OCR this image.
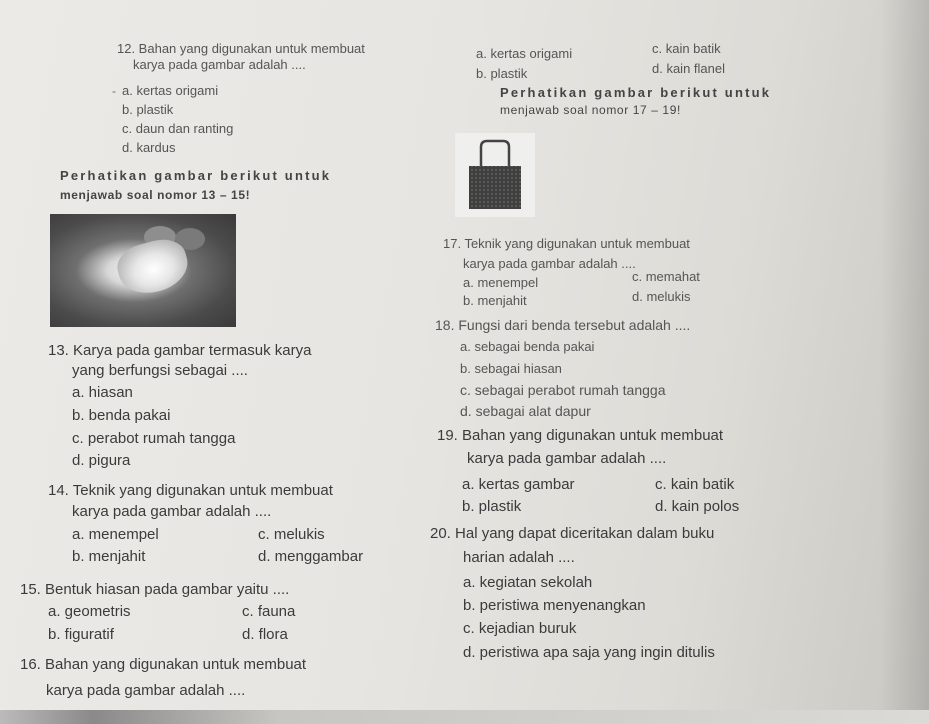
12. Bahan yang digunakan untuk membuat
karya pada gambar adalah ....
a. kertas origami
b. plastik
c. daun dan ranting
d. kardus
-
a. kertas origami
b. plastik
c. kain batik
d. kain flanel
Perhatikan gambar berikut untuk
menjawab soal nomor 17 – 19!
Perhatikan gambar berikut untuk
menjawab soal nomor 13 – 15!
17. Teknik yang digunakan untuk membuat
karya pada gambar adalah ....
a. menempel
b. menjahit
c. memahat
d. melukis
18. Fungsi dari benda tersebut adalah ....
a. sebagai benda pakai
b. sebagai hiasan
c. sebagai perabot rumah tangga
d. sebagai alat dapur
13. Karya pada gambar termasuk karya
yang berfungsi sebagai ....
a. hiasan
b. benda pakai
c. perabot rumah tangga
d. pigura
19. Bahan yang digunakan untuk membuat
karya pada gambar adalah ....
a. kertas gambar
b. plastik
c. kain batik
d. kain polos
14. Teknik yang digunakan untuk membuat
karya pada gambar adalah ....
a. menempel
b. menjahit
c. melukis
d. menggambar
20. Hal yang dapat diceritakan dalam buku
harian adalah ....
a. kegiatan sekolah
b. peristiwa menyenangkan
c. kejadian buruk
d. peristiwa apa saja yang ingin ditulis
15. Bentuk hiasan pada gambar yaitu ....
a. geometris
b. figuratif
c. fauna
d. flora
16. Bahan yang digunakan untuk membuat
karya pada gambar adalah ....
